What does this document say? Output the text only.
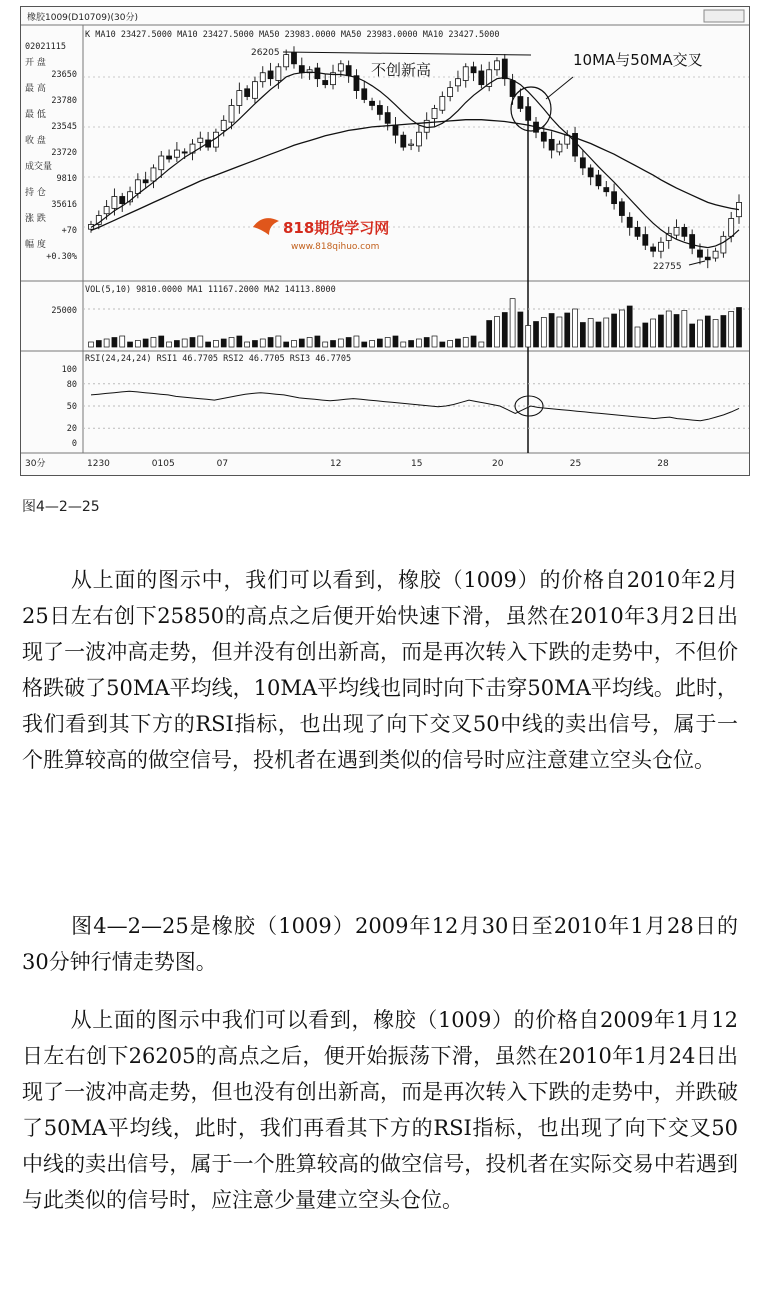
橡胶1009(D10709)(30分)
K MA10 23427.5000 MA10 23427.5000 MA50 23983.0000 MA50 23983.0000 MA10 23427.5000
02021115
开 盘
23650
最 高
23780
最 低
23545
收 盘
23720
成交量
9810
持 仓
35616
涨 跌
+70
幅 度
+0.30%
26205
不创新高
10MA与50MA交叉
22755
818期货学习网
www.818qihuo.com
VOL(5,10) 9810.0000 MA1 11167.2000 MA2 14113.8000
25000
RSI(24,24,24) RSI1 46.7705 RSI2 46.7705 RSI3 46.7705
100
80
50
20
0
30分	1230	0105	07	12	15	20	25	28
图4—2—25

从上面的图示中，我们可以看到，橡胶（1009）的价格自2010年2月25日左右创下25850的高点之后便开始快速下滑，虽然在2010年3月2日出现了一波冲高走势，但并没有创出新高，而是再次转入下跌的走势中，不但价格跌破了50MA平均线，10MA平均线也同时向下击穿50MA平均线。此时，我们看到其下方的RSI指标，也出现了向下交叉50中线的卖出信号，属于一个胜算较高的做空信号，投机者在遇到类似的信号时应注意建立空头仓位。

图4—2—25是橡胶（1009）2009年12月30日至2010年1月28日的30分钟行情走势图。

从上面的图示中我们可以看到，橡胶（1009）的价格自2009年1月12日左右创下26205的高点之后，便开始振荡下滑，虽然在2010年1月24日出现了一波冲高走势，但也没有创出新高，而是再次转入下跌的走势中，并跌破了50MA平均线，此时，我们再看其下方的RSI指标，也出现了向下交叉50中线的卖出信号，属于一个胜算较高的做空信号，投机者在实际交易中若遇到与此类似的信号时，应注意少量建立空头仓位。
